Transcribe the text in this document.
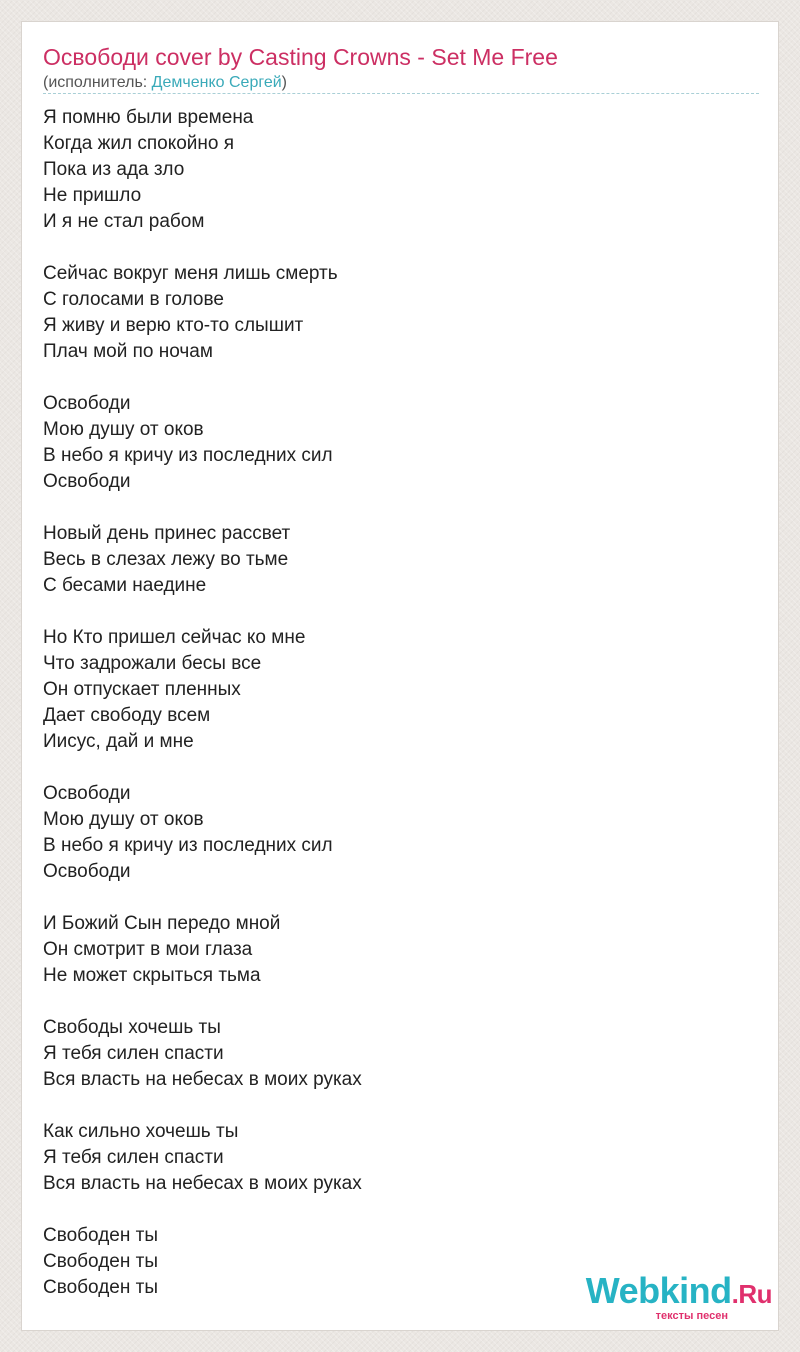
Освободи cover by Casting Crowns - Set Me Free
(исполнитель: Демченко Сергей)
Я помню были времена
Когда жил спокойно я
Пока из ада зло
Не пришло
И я не стал рабом
Сейчас вокруг меня лишь смерть
С голосами в голове
Я живу и верю кто-то слышит
Плач мой по ночам
Освободи
Мою душу от оков
В небо я кричу из последних сил
Освободи
Новый день принес рассвет
Весь в слезах лежу во тьме
С бесами наедине
Но Кто пришел сейчас ко мне
Что задрожали бесы все
Он отпускает пленных
Дает свободу всем
Иисус, дай и мне
Освободи
Мою душу от оков
В небо я кричу из последних сил
Освободи
И Божий Сын передо мной
Он смотрит в мои глаза
Не может скрыться тьма
Свободы хочешь ты
Я тебя силен спасти
Вся власть на небесах в моих руках
Как сильно хочешь ты
Я тебя силен спасти
Вся власть на небесах в моих руках
Свободен ты
Свободен ты
Свободен ты	Webkind.Ru
тексты песен
